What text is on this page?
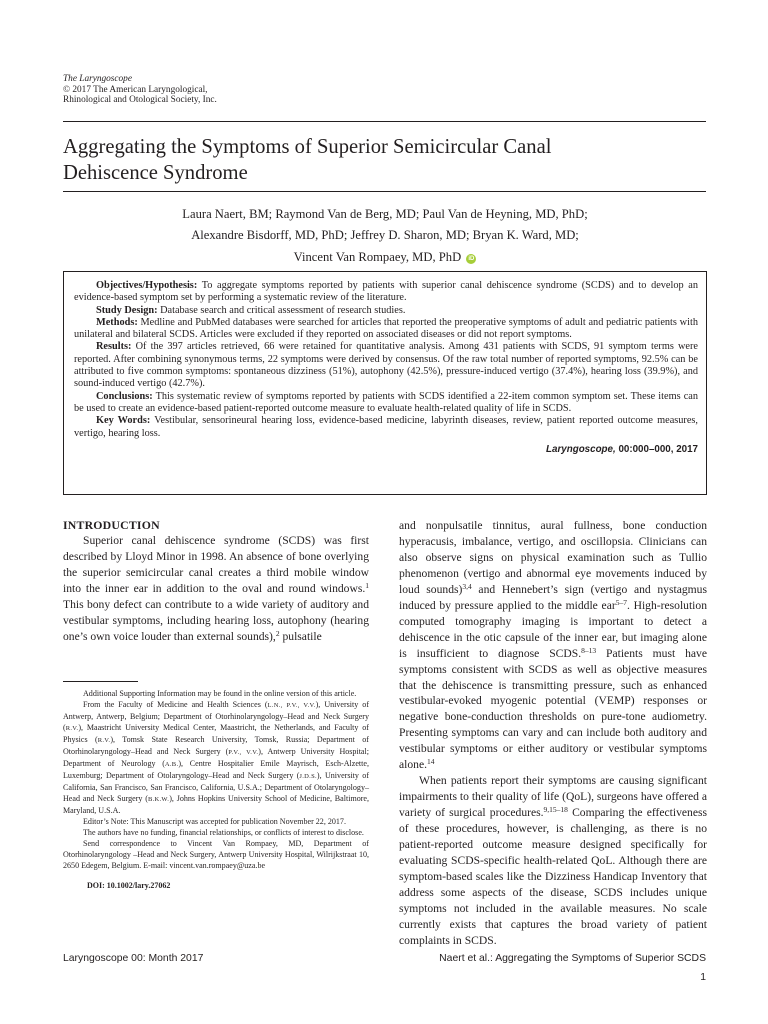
The Laryngoscope
© 2017 The American Laryngological,
Rhinological and Otological Society, Inc.
Aggregating the Symptoms of Superior Semicircular Canal
Dehiscence Syndrome
Laura Naert, BM; Raymond Van de Berg, MD; Paul Van de Heyning, MD, PhD;
Alexandre Bisdorff, MD, PhD; Jeffrey D. Sharon, MD; Bryan K. Ward, MD;
Vincent Van Rompaey, MD, PhD iD

Objectives/Hypothesis: To aggregate symptoms reported by patients with superior canal dehiscence syndrome (SCDS) and to develop an evidence-based symptom set by performing a systematic review of the literature.

Study Design: Database search and critical assessment of research studies.

Methods: Medline and PubMed databases were searched for articles that reported the preoperative symptoms of adult and pediatric patients with unilateral and bilateral SCDS. Articles were excluded if they reported on associated diseases or did not report symptoms.

Results: Of the 397 articles retrieved, 66 were retained for quantitative analysis. Among 431 patients with SCDS, 91 symptom terms were reported. After combining synonymous terms, 22 symptoms were derived by consensus. Of the raw total number of reported symptoms, 92.5% can be attributed to five common symptoms: spontaneous dizziness (51%), autophony (42.5%), pressure-induced vertigo (37.4%), hearing loss (39.9%), and sound-induced vertigo (42.7%).

Conclusions: This systematic review of symptoms reported by patients with SCDS identified a 22-item common symptom set. These items can be used to create an evidence-based patient-reported outcome measure to evaluate health-related quality of life in SCDS.

Key Words: Vestibular, sensorineural hearing loss, evidence-based medicine, labyrinth diseases, review, patient reported outcome measures, vertigo, hearing loss.

Laryngoscope, 00:000–000, 2017
INTRODUCTION

Superior canal dehiscence syndrome (SCDS) was first described by Lloyd Minor in 1998. An absence of bone overlying the superior semicircular canal creates a third mobile window into the inner ear in addition to the oval and round windows.$^1$ This bony defect can contribute to a wide variety of auditory and vestibular symptoms, including hearing loss, autophony (hearing one’s own voice louder than external sounds),$^2$ pulsatile

Additional Supporting Information may be found in the online version of this article.

From the Faculty of Medicine and Health Sciences (L.N., P.V., V.V.), University of Antwerp, Antwerp, Belgium; Department of Otorhinolaryngology–Head and Neck Surgery (R.V.), Maastricht University Medical Center, Maastricht, the Netherlands, and Faculty of Physics (R.V.), Tomsk State Research University, Tomsk, Russia; Department of Otorhinolaryngology–Head and Neck Surgery (P.V., V.V.), Antwerp University Hospital; Department of Neurology (A.B.), Centre Hospitalier Emile Mayrisch, Esch-Alzette, Luxemburg; Department of Otolaryngology–Head and Neck Surgery (J.D.S.), University of California, San Francisco, San Francisco, California, U.S.A.; Department of Otolaryngology–Head and Neck Surgery (B.K.W.), Johns Hopkins University School of Medicine, Baltimore, Maryland, U.S.A.

Editor’s Note: This Manuscript was accepted for publication November 22, 2017.

The authors have no funding, financial relationships, or conflicts of interest to disclose.

Send correspondence to Vincent Van Rompaey, MD, Department of Otorhinolaryngology –Head and Neck Surgery, Antwerp University Hospital, Wilrijkstraat 10, 2650 Edegem, Belgium. E-mail: vincent.van.rompaey@uza.be

DOI: 10.1002/lary.27062

and nonpulsatile tinnitus, aural fullness, bone conduction hyperacusis, imbalance, vertigo, and oscillopsia. Clinicians can also observe signs on physical examination such as Tullio phenomenon (vertigo and abnormal eye movements induced by loud sounds)$^{3,4}$ and Hennebert’s sign (vertigo and nystagmus induced by pressure applied to the middle ear$^{5-7}$. High-resolution computed tomography imaging is important to detect a dehiscence in the otic capsule of the inner ear, but imaging alone is insufficient to diagnose SCDS.$^{8-13}$ Patients must have symptoms consistent with SCDS as well as objective measures that the dehiscence is transmitting pressure, such as enhanced vestibular-evoked myogenic potential (VEMP) responses or negative bone-conduction thresholds on pure-tone audiometry. Presenting symptoms can vary and can include both auditory and vestibular symptoms or either auditory or vestibular symptoms alone.$^{14}$

When patients report their symptoms are causing significant impairments to their quality of life (QoL), surgeons have offered a variety of surgical procedures.$^{9,15-18}$ Comparing the effectiveness of these procedures, however, is challenging, as there is no patient-reported outcome measure designed specifically for evaluating SCDS-specific health-related QoL. Although there are symptom-based scales like the Dizziness Handicap Inventory that address some aspects of the disease, SCDS includes unique symptoms not included in the available measures. No scale currently exists that captures the broad variety of patient complaints in SCDS.

Laryngoscope 00: Month 2017	Naert et al.: Aggregating the Symptoms of Superior SCDS
1
